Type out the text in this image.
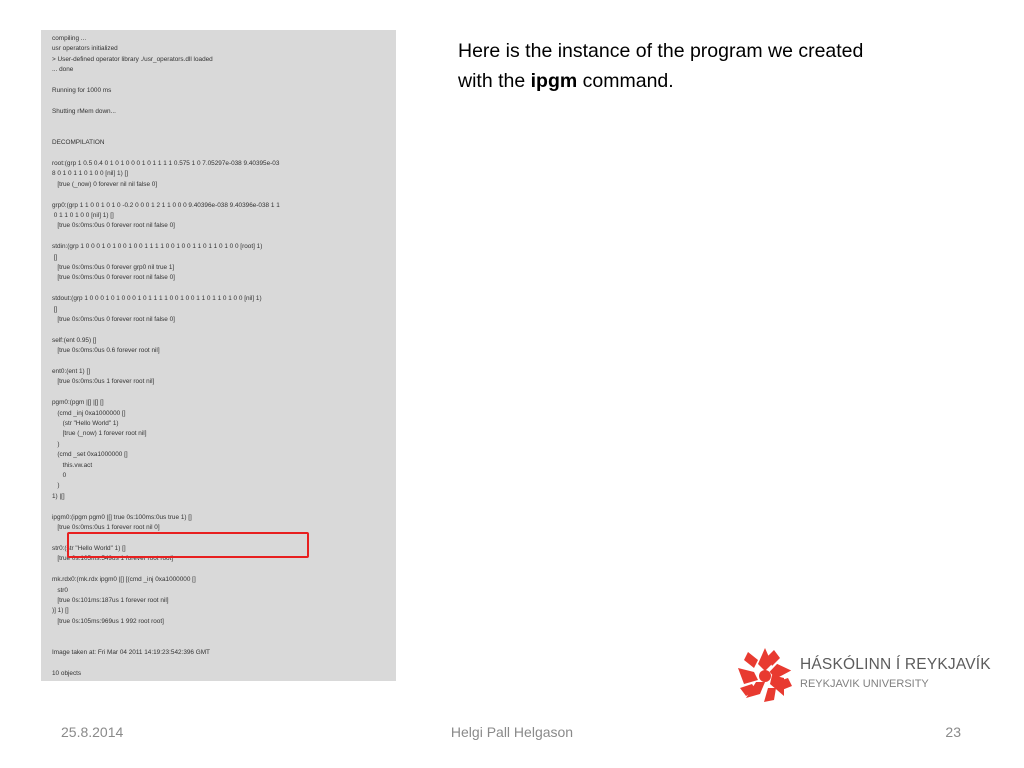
compiling ...
usr operators initialized
> User-defined operator library ./usr_operators.dll loaded
... done

Running for 1000 ms

Shutting rMem down...

DECOMPILATION

root:(grp 1 0.5 0.4 0 1 0 1 0 0 0 1 0 1 1 1 1 0.575 1 0 7.05297e-038 9.40395e-03
8 0 1 0 1 1 0 1 0 0 [nil] 1) []
[true (_now) 0 forever nil nil false 0]

grp0:(grp 1 1 0 0 1 0 1 0 -0.2 0 0 0 1 2 1 1 0 0 0 9.40396e-038 9.40396e-038 1 1
0 1 1 0 1 0 0 [nil] 1) []
[true 0s:0ms:0us 0 forever root nil false 0]

stdin:(grp 1 0 0 0 1 0 1 0 0 1 0 0 1 1 1 1 0 0 1 0 0 1 1 0 1 1 0 1 0 0 [root] 1)
[]
[true 0s:0ms:0us 0 forever grp0 nil true 1]
[true 0s:0ms:0us 0 forever root nil false 0]

stdout:(grp 1 0 0 0 1 0 1 0 0 0 1 0 1 1 1 1 0 0 1 0 0 1 1 0 1 1 0 1 0 0 [nil] 1)
[]
[true 0s:0ms:0us 0 forever root nil false 0]

self:(ent 0.95) []
[true 0s:0ms:0us 0.6 forever root nil]

ent0:(ent 1) []
[true 0s:0ms:0us 1 forever root nil]

pgm0:(pgm |[] |[] []
(cmd _inj 0xa1000000 []
(str "Hello World" 1)
[true (_now) 1 forever root nil]
)
(cmd _set 0xa1000000 []
this.vw.act
0
)
1) |[]

ipgm0:(ipgm pgm0 |[] true 0s:100ms:0us true 1) []
[true 0s:0ms:0us 1 forever root nil 0]

str0:(str "Hello World" 1) []
[true 0s:105ms:549us 1 forever root root]

mk.rdx0:(mk.rdx ipgm0 |[] [(cmd _inj 0xa1000000 []
str0
[true 0s:101ms:187us 1 forever root nil]
)] 1) []
[true 0s:105ms:969us 1 992 root root]

Image taken at: Fri Mar 04 2011 14:19:23:542:396 GMT

10 objects
Here is the instance of the program we created with the ipgm command.
HÁSKÓLINN Í REYKJAVÍK
REYKJAVIK UNIVERSITY
25.8.2014	Helgi Pall Helgason	23
